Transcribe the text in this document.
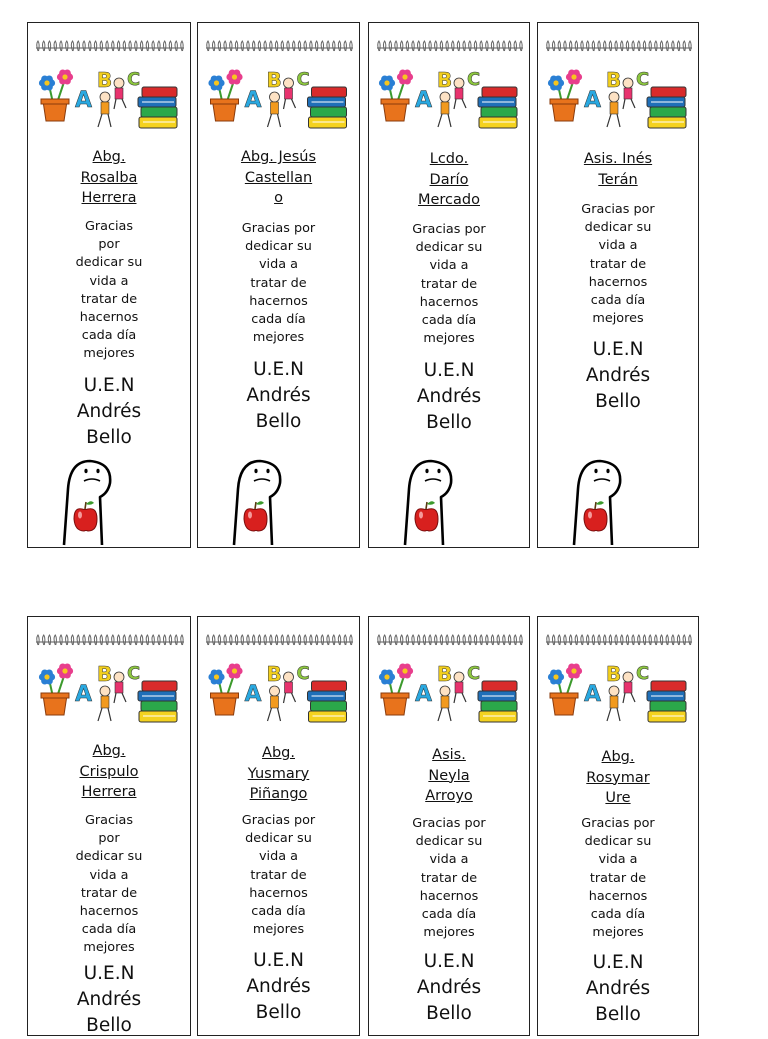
A
B C
Abg.
Rosalba
Herrera
Gracias
por
dedicar su
vida a
tratar de
hacernos
cada día
mejores
U.E.N
Andrés
Bello
A
B C
Abg. Jesús
Castellan
o
Gracias por
dedicar su
vida a
tratar de
hacernos
cada día
mejores
U.E.N
Andrés
Bello
A
B C
Lcdo.
Darío
Mercado
Gracias por
dedicar su
vida a
tratar de
hacernos
cada día
mejores
U.E.N
Andrés
Bello
A
B C
Asis. Inés
Terán
Gracias por
dedicar su
vida a
tratar de
hacernos
cada día
mejores
U.E.N
Andrés
Bello
A
B C
Abg.
Crispulo
Herrera
Gracias
por
dedicar su
vida a
tratar de
hacernos
cada día
mejores
U.E.N
Andrés
Bello
A
B C
Abg.
Yusmary
Piñango
Gracias por
dedicar su
vida a
tratar de
hacernos
cada día
mejores
U.E.N
Andrés
Bello
A
B C
Asis.
Neyla
Arroyo
Gracias por
dedicar su
vida a
tratar de
hacernos
cada día
mejores
U.E.N
Andrés
Bello
A
B C
Abg.
Rosymar
Ure
Gracias por
dedicar su
vida a
tratar de
hacernos
cada día
mejores
U.E.N
Andrés
Bello
